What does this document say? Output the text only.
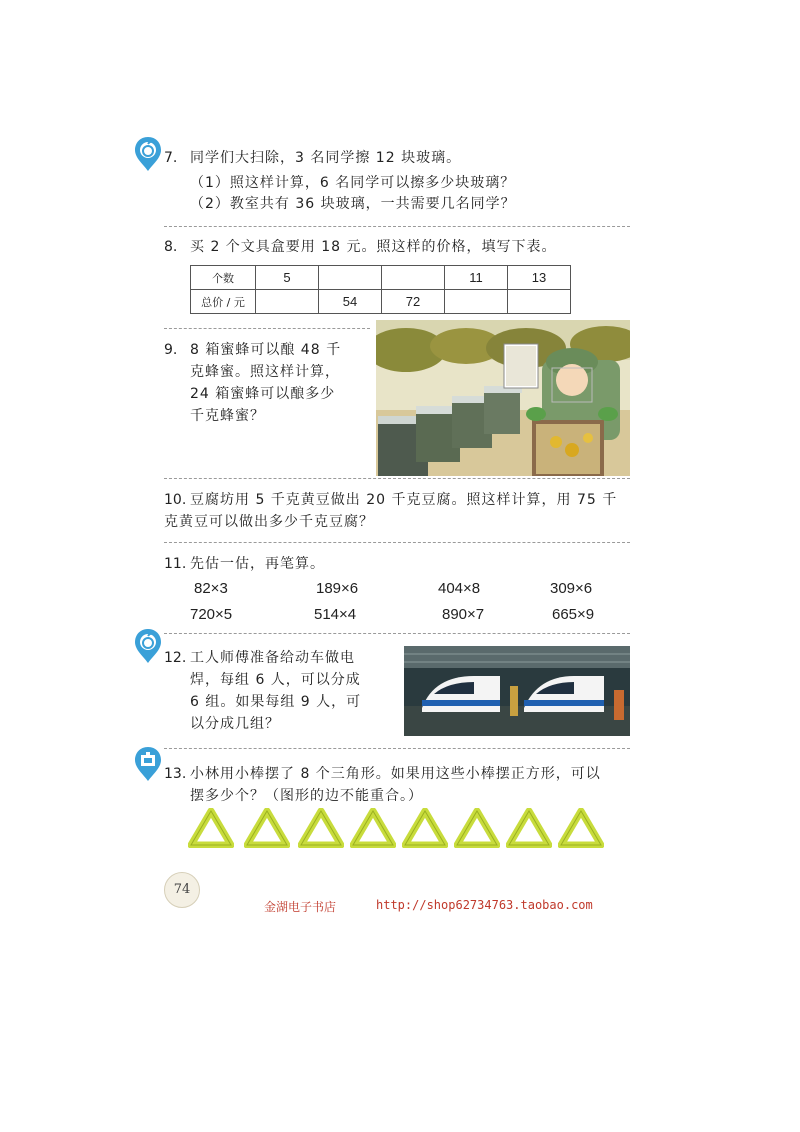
7. 同学们大扫除，3 名同学擦 12 块玻璃。
（1）照这样计算，6 名同学可以擦多少块玻璃？
（2）教室共有 36 块玻璃，一共需要几名同学？
8. 买 2 个文具盒要用 18 元。照这样的价格，填写下表。
个数	5			11	13
总价 / 元		54	72		
9. 8 箱蜜蜂可以酿 48 千
克蜂蜜。照这样计算，
24 箱蜜蜂可以酿多少
千克蜂蜜？
10. 豆腐坊用 5 千克黄豆做出 20 千克豆腐。照这样计算，用 75 千
克黄豆可以做出多少千克豆腐？
11. 先估一估，再笔算。
82×3	189×6	404×8	309×6
720×5	514×4	890×7	665×9
12. 工人师傅准备给动车做电
焊，每组 6 人，可以分成
6 组。如果每组 9 人，可
以分成几组？
13. 小林用小棒摆了 8 个三角形。如果用这些小棒摆正方形，可以
摆多少个？（图形的边不能重合。）
74
金湖电子书店	http://shop62734763.taobao.com
